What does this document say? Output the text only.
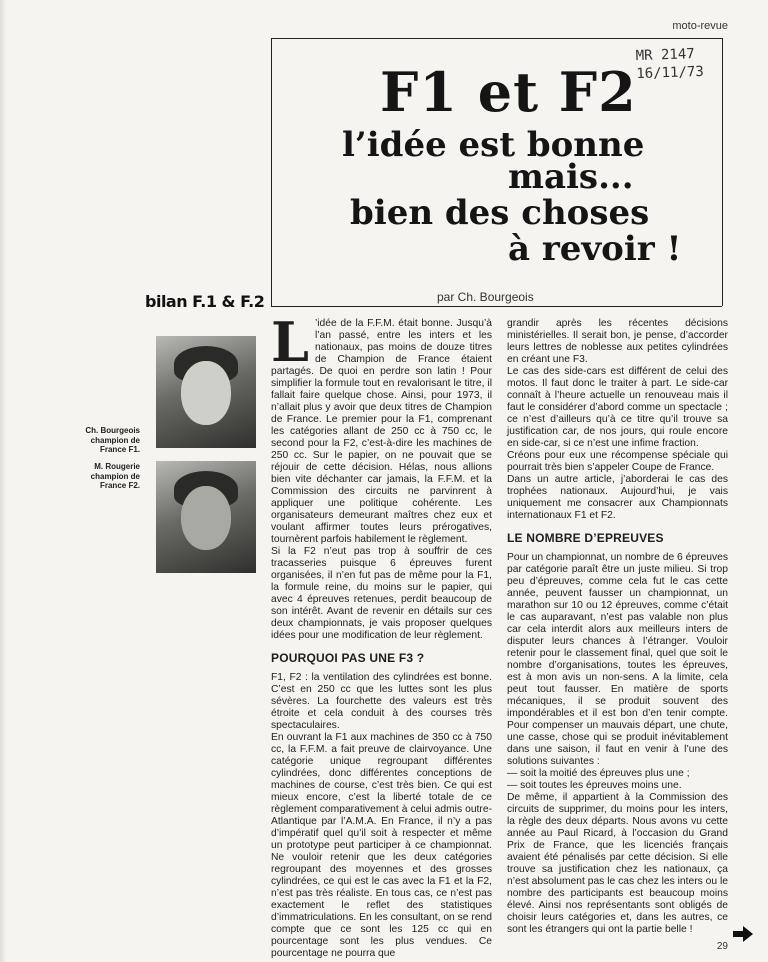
moto-revue
MR 2147
16/11/73
F1 et F2
l’idée est bonne
mais...
bien des choses
à revoir !
par Ch. Bourgeois
bilan F.1 & F.2
Ch. Bourgeois champion de France F1.
M. Rougerie champion de France F2.

L ’idée de la F.F.M. était bonne. Jusqu’à l’an passé, entre les inters et les nationaux, pas moins de douze titres de Champion de France étaient partagés. De quoi en perdre son latin ! Pour simplifier la formule tout en revalorisant le titre, il fallait faire quelque chose. Ainsi, pour 1973, il n’allait plus y avoir que deux titres de Champion de France. Le premier pour la F1, comprenant les catégories allant de 250 cc à 750 cc, le second pour la F2, c’est-à-dire les machines de 250 cc. Sur le papier, on ne pouvait que se réjouir de cette décision. Hélas, nous allions bien vite déchanter car jamais, la F.F.M. et la Commission des circuits ne parvinrent à appliquer une politique cohérente. Les organisateurs demeurant maîtres chez eux et voulant affirmer toutes leurs prérogatives, tournèrent parfois habilement le règlement.

Si la F2 n’eut pas trop à souffrir de ces tracasseries puisque 6 épreuves furent organisées, il n’en fut pas de même pour la F1, la formule reine, du moins sur le papier, qui avec 4 épreuves retenues, perdit beaucoup de son intérêt. Avant de revenir en détails sur ces deux championnats, je vais proposer quelques idées pour une modification de leur règlement.

POURQUOI PAS UNE F3 ?

F1, F2 : la ventilation des cylindrées est bonne. C’est en 250 cc que les luttes sont les plus sévères. La fourchette des valeurs est très étroite et cela conduit à des courses très spectaculaires.

En ouvrant la F1 aux machines de 350 cc à 750 cc, la F.F.M. a fait preuve de clairvoyance. Une catégorie unique regroupant différentes cylindrées, donc différentes conceptions de machines de course, c’est très bien. Ce qui est mieux encore, c’est la liberté totale de ce règlement comparativement à celui admis outre-Atlantique par l’A.M.A. En France, il n’y a pas d’impératif quel qu’il soit à respecter et même un prototype peut participer à ce championnat. Ne vouloir retenir que les deux catégories regroupant des moyennes et des grosses cylindrées, ce qui est le cas avec la F1 et la F2, n’est pas très réaliste. En tous cas, ce n’est pas exactement le reflet des statistiques d’immatriculations. En les consultant, on se rend compte que ce sont les 125 cc qui en pourcentage sont les plus vendues. Ce pourcentage ne pourra que

grandir après les récentes décisions ministérielles. Il serait bon, je pense, d’accorder leurs lettres de noblesse aux petites cylindrées en créant une F3.

Le cas des side-cars est différent de celui des motos. Il faut donc le traiter à part. Le side-car connaît à l’heure actuelle un renouveau mais il faut le considérer d’abord comme un spectacle ; ce n’est d’ailleurs qu’à ce titre qu’il trouve sa justification car, de nos jours, qui roule encore en side-car, si ce n’est une infime fraction.

Créons pour eux une récompense spéciale qui pourrait très bien s’appeler Coupe de France.

Dans un autre article, j’aborderai le cas des trophées nationaux. Aujourd’hui, je vais uniquement me consacrer aux Championnats internationaux F1 et F2.

LE NOMBRE D’EPREUVES

Pour un championnat, un nombre de 6 épreuves par catégorie paraît être un juste milieu. Si trop peu d’épreuves, comme cela fut le cas cette année, peuvent fausser un championnat, un marathon sur 10 ou 12 épreuves, comme c’était le cas auparavant, n’est pas valable non plus car cela interdit alors aux meilleurs inters de disputer leurs chances à l’étranger. Vouloir retenir pour le classement final, quel que soit le nombre d’organisations, toutes les épreuves, est à mon avis un non-sens. A la limite, cela peut tout fausser. En matière de sports mécaniques, il se produit souvent des impondérables et il est bon d’en tenir compte. Pour compenser un mauvais départ, une chute, une casse, chose qui se produit inévitablement dans une saison, il faut en venir à l’une des solutions suivantes :

— soit la moitié des épreuves plus une ;

— soit toutes les épreuves moins une.

De même, il appartient à la Commission des circuits de supprimer, du moins pour les inters, la règle des deux départs. Nous avons vu cette année au Paul Ricard, à l’occasion du Grand Prix de France, que les licenciés français avaient été pénalisés par cette décision. Si elle trouve sa justification chez les nationaux, ça n’est absolument pas le cas chez les inters ou le nombre des participants est beaucoup moins élevé. Ainsi nos représentants sont obligés de choisir leurs catégories et, dans les autres, ce sont les étrangers qui ont la partie belle !

29
